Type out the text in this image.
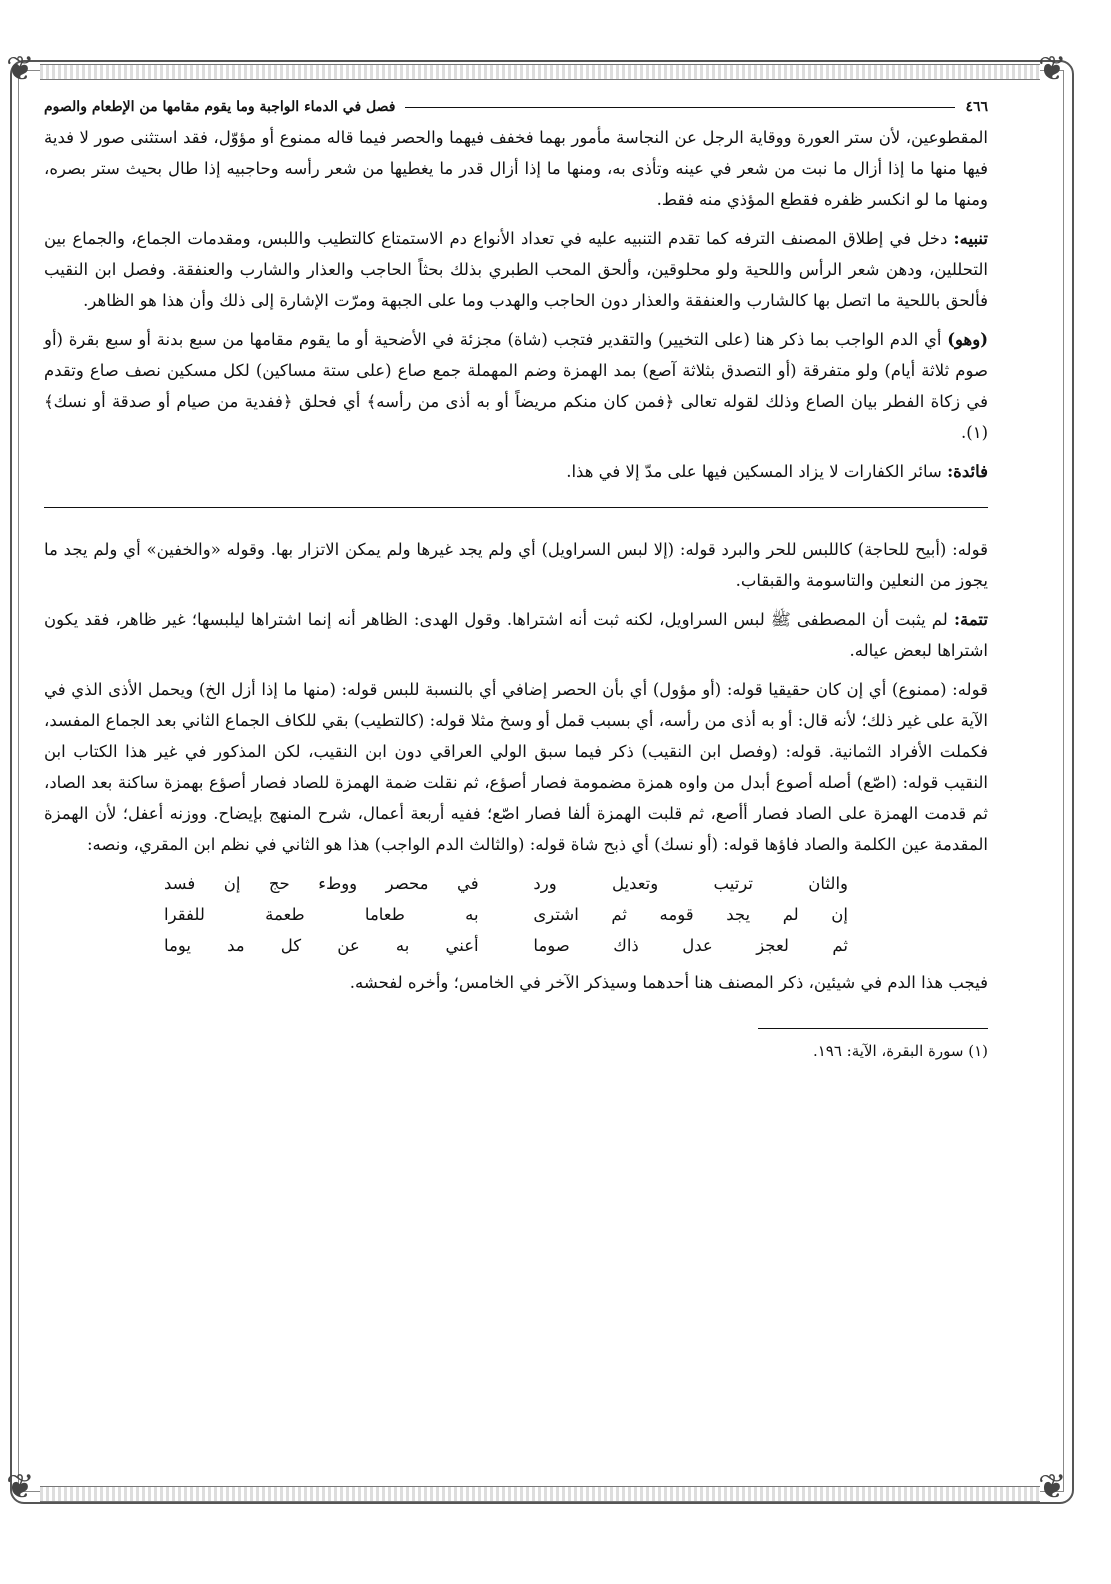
❦	❦
❦	❦
٤٦٦
فصل في الدماء الواجبة وما يقوم مقامها من الإطعام والصوم

المقطوعين، لأن ستر العورة ووقاية الرجل عن النجاسة مأمور بهما فخفف فيهما والحصر فيما قاله ممنوع أو مؤوّل، فقد استثنى صور لا فدية فيها منها ما إذا أزال ما نبت من شعر في عينه وتأذى به، ومنها ما إذا أزال قدر ما يغطيها من شعر رأسه وحاجبيه إذا طال بحيث ستر بصره، ومنها ما لو انكسر ظفره فقطع المؤذي منه فقط.

تنبيه: دخل في إطلاق المصنف الترفه كما تقدم التنبيه عليه في تعداد الأنواع دم الاستمتاع كالتطيب واللبس، ومقدمات الجماع، والجماع بين التحللين، ودهن شعر الرأس واللحية ولو محلوقين، وألحق المحب الطبري بذلك بحثاً الحاجب والعذار والشارب والعنفقة. وفصل ابن النقيب فألحق باللحية ما اتصل بها كالشارب والعنفقة والعذار دون الحاجب والهدب وما على الجبهة ومرّت الإشارة إلى ذلك وأن هذا هو الظاهر.

(وهو) أي الدم الواجب بما ذكر هنا (على التخيير) والتقدير فتجب (شاة) مجزئة في الأضحية أو ما يقوم مقامها من سبع بدنة أو سبع بقرة (أو صوم ثلاثة أيام) ولو متفرقة (أو التصدق بثلاثة آصع) بمد الهمزة وضم المهملة جمع صاع (على ستة مساكين) لكل مسكين نصف صاع وتقدم في زكاة الفطر بيان الصاع وذلك لقوله تعالى ﴿فمن كان منكم مريضاً أو به أذى من رأسه﴾ أي فحلق ﴿ففدية من صيام أو صدقة أو نسك﴾(١).

فائدة: سائر الكفارات لا يزاد المسكين فيها على مدّ إلا في هذا.

قوله: (أبيح للحاجة) كاللبس للحر والبرد قوله: (إلا لبس السراويل) أي ولم يجد غيرها ولم يمكن الاتزار بها. وقوله «والخفين» أي ولم يجد ما يجوز من النعلين والتاسومة والقبقاب.

تتمة: لم يثبت أن المصطفى ﷺ لبس السراويل، لكنه ثبت أنه اشتراها. وقول الهدى: الظاهر أنه إنما اشتراها ليلبسها؛ غير ظاهر، فقد يكون اشتراها لبعض عياله.

قوله: (ممنوع) أي إن كان حقيقيا قوله: (أو مؤول) أي بأن الحصر إضافي أي بالنسبة للبس قوله: (منها ما إذا أزل الخ) ويحمل الأذى الذي في الآية على غير ذلك؛ لأنه قال: أو به أذى من رأسه، أي بسبب قمل أو وسخ مثلا قوله: (كالتطيب) بقي للكاف الجماع الثاني بعد الجماع المفسد، فكملت الأفراد الثمانية. قوله: (وفصل ابن النقيب) ذكر فيما سبق الولي العراقي دون ابن النقيب، لكن المذكور في غير هذا الكتاب ابن النقيب قوله: (اصّع) أصله أصوع أبدل من واوه همزة مضمومة فصار أصؤع، ثم نقلت ضمة الهمزة للصاد فصار أصؤع بهمزة ساكنة بعد الصاد، ثم قدمت الهمزة على الصاد فصار أأصع، ثم قلبت الهمزة ألفا فصار اصّع؛ ففيه أربعة أعمال، شرح المنهج بإيضاح. ووزنه أعفل؛ لأن الهمزة المقدمة عين الكلمة والصاد فاؤها قوله: (أو نسك) أي ذبح شاة قوله: (والثالث الدم الواجب) هذا هو الثاني في نظم ابن المقري، ونصه:

والثان ترتيب وتعديل ورد
في محصر ووطء حج إن فسد
إن لم يجد قومه ثم اشترى
به طعاما طعمة للفقرا
ثم لعجز عدل ذاك صوما
أعني به عن كل مد يوما

فيجب هذا الدم في شيئين، ذكر المصنف هنا أحدهما وسيذكر الآخر في الخامس؛ وأخره لفحشه.

(١) سورة البقرة، الآية: ١٩٦.
